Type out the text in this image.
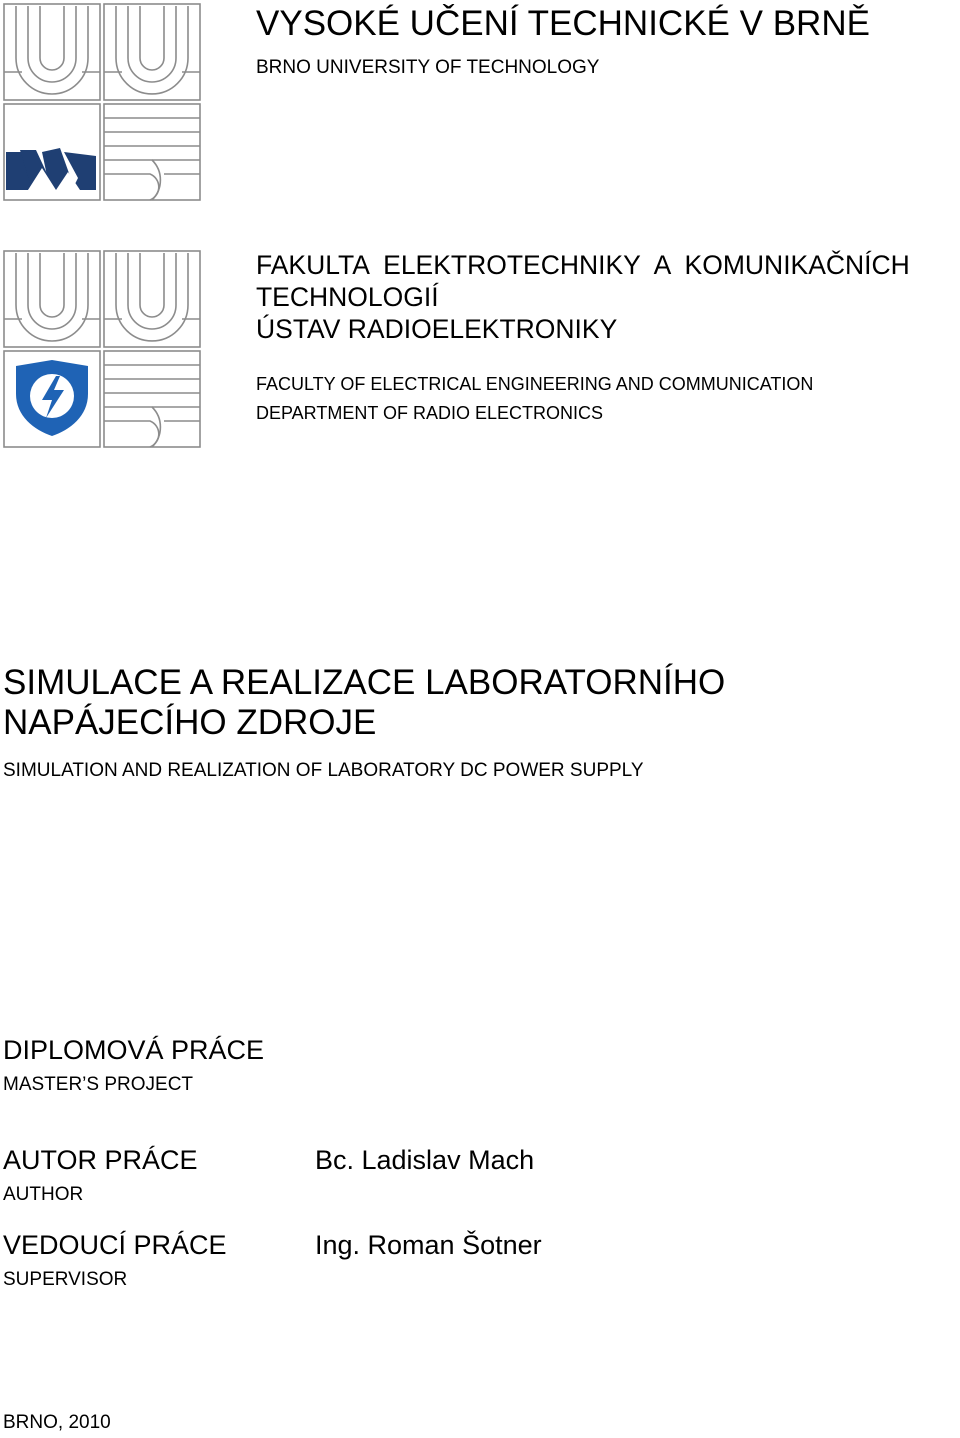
VYSOKÉ UČENÍ TECHNICKÉ V BRNĚ
BRNO UNIVERSITY OF TECHNOLOGY
FAKULTA  ELEKTROTECHNIKY  A  KOMUNIKAČNÍCH
TECHNOLOGIÍ
ÚSTAV RADIOELEKTRONIKY
FACULTY OF ELECTRICAL ENGINEERING AND COMMUNICATION
DEPARTMENT OF RADIO ELECTRONICS
SIMULACE A REALIZACE LABORATORNÍHO
NAPÁJECÍHO ZDROJE
SIMULATION AND REALIZATION OF LABORATORY DC POWER SUPPLY
DIPLOMOVÁ PRÁCE
MASTER’S PROJECT
AUTOR PRÁCE
AUTHOR
Bc. Ladislav Mach
VEDOUCÍ PRÁCE
SUPERVISOR
Ing. Roman Šotner
BRNO, 2010
